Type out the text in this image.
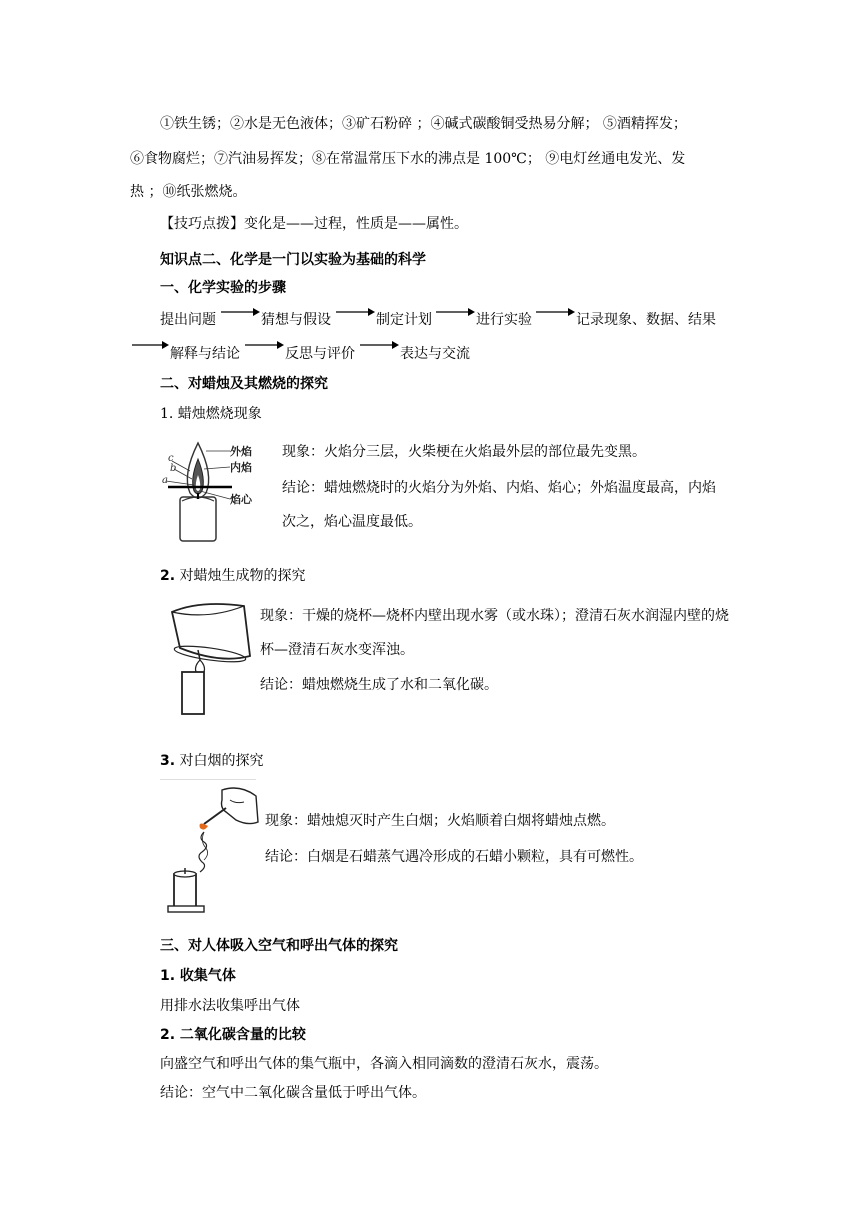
①铁生锈；②水是无色液体；③矿石粉碎 ；④碱式碳酸铜受热易分解； ⑤酒精挥发；
⑥食物腐烂；⑦汽油易挥发；⑧在常温常压下水的沸点是 100℃； ⑨电灯丝通电发光、发
热 ；⑩纸张燃烧。
【技巧点拨】变化是——过程，性质是——属性。
知识点二、化学是一门以实验为基础的科学
一、化学实验的步骤
提出问题	猜想与假设	制定计划	进行实验	记录现象、数据、结果
解释与结论	反思与评价	表达与交流
二、对蜡烛及其燃烧的探究
1. 蜡烛燃烧现象
c
b
a
外焰
内焰
焰心
现象：火焰分三层，火柴梗在火焰最外层的部位最先变黑。
结论：蜡烛燃烧时的火焰分为外焰、内焰、焰心；外焰温度最高，内焰
次之，焰心温度最低。
2. 对蜡烛生成物的探究
现象：干燥的烧杯—烧杯内壁出现水雾（或水珠）；澄清石灰水润湿内壁的烧
杯—澄清石灰水变浑浊。
结论：蜡烛燃烧生成了水和二氧化碳。
3. 对白烟的探究
现象：蜡烛熄灭时产生白烟；火焰顺着白烟将蜡烛点燃。
结论：白烟是石蜡蒸气遇冷形成的石蜡小颗粒，具有可燃性。
三、对人体吸入空气和呼出气体的探究
1. 收集气体
用排水法收集呼出气体
2. 二氧化碳含量的比较
向盛空气和呼出气体的集气瓶中，各滴入相同滴数的澄清石灰水，震荡。
结论：空气中二氧化碳含量低于呼出气体。
